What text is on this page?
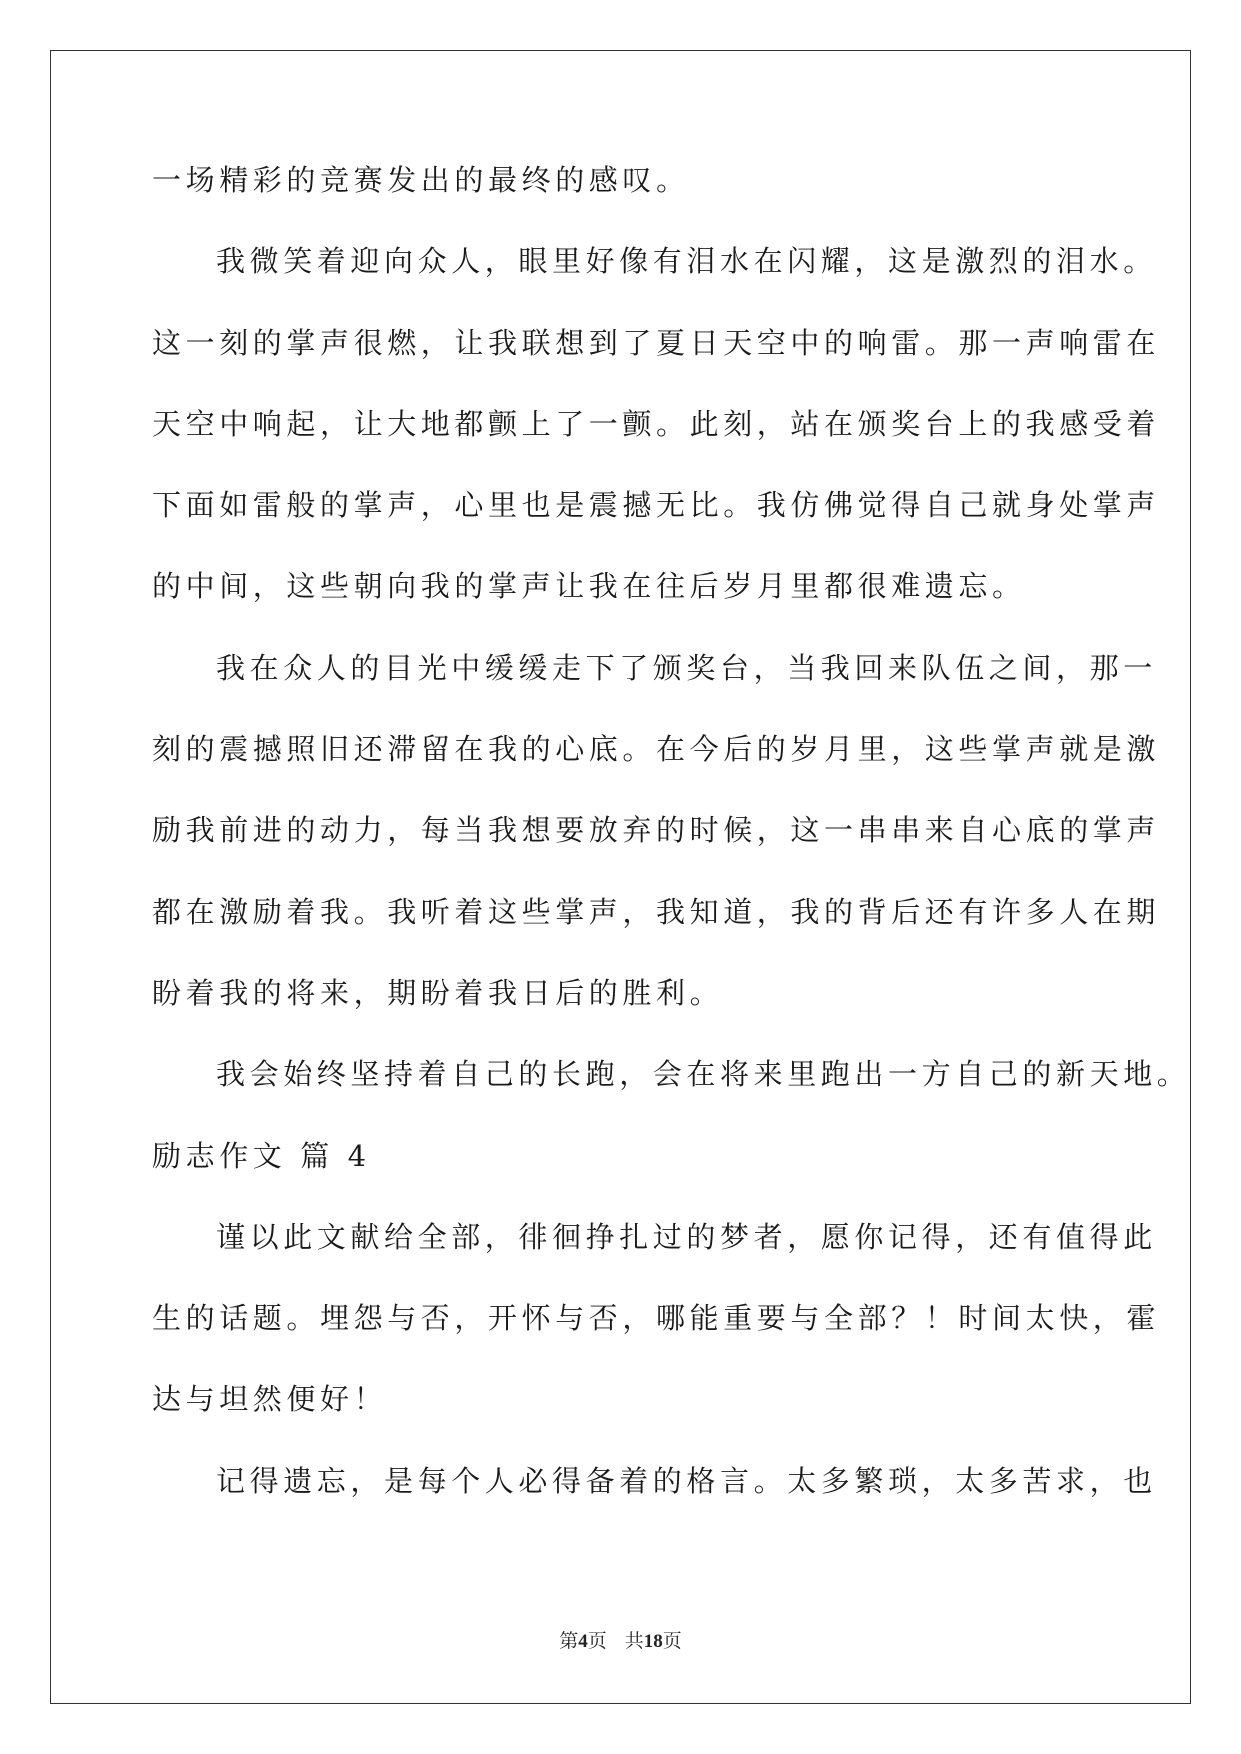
一场精彩的竞赛发出的最终的感叹。
我微笑着迎向众人，眼里好像有泪水在闪耀，这是激烈的泪水。
这一刻的掌声很燃，让我联想到了夏日天空中的响雷。那一声响雷在
天空中响起，让大地都颤上了一颤。此刻，站在颁奖台上的我感受着
下面如雷般的掌声，心里也是震撼无比。我仿佛觉得自己就身处掌声
的中间，这些朝向我的掌声让我在往后岁月里都很难遗忘。
我在众人的目光中缓缓走下了颁奖台，当我回来队伍之间，那一
刻的震撼照旧还滞留在我的心底。在今后的岁月里，这些掌声就是激
励我前进的动力，每当我想要放弃的时候，这一串串来自心底的掌声
都在激励着我。我听着这些掌声，我知道，我的背后还有许多人在期
盼着我的将来，期盼着我日后的胜利。
我会始终坚持着自己的长跑，会在将来里跑出一方自己的新天地。
励志作文 篇 4
谨以此文献给全部，徘徊挣扎过的梦者，愿你记得，还有值得此
生的话题。埋怨与否，开怀与否，哪能重要与全部？！时间太快，霍
达与坦然便好！
记得遗忘，是每个人必得备着的格言。太多繁琐，太多苦求，也
第4页 共18页
